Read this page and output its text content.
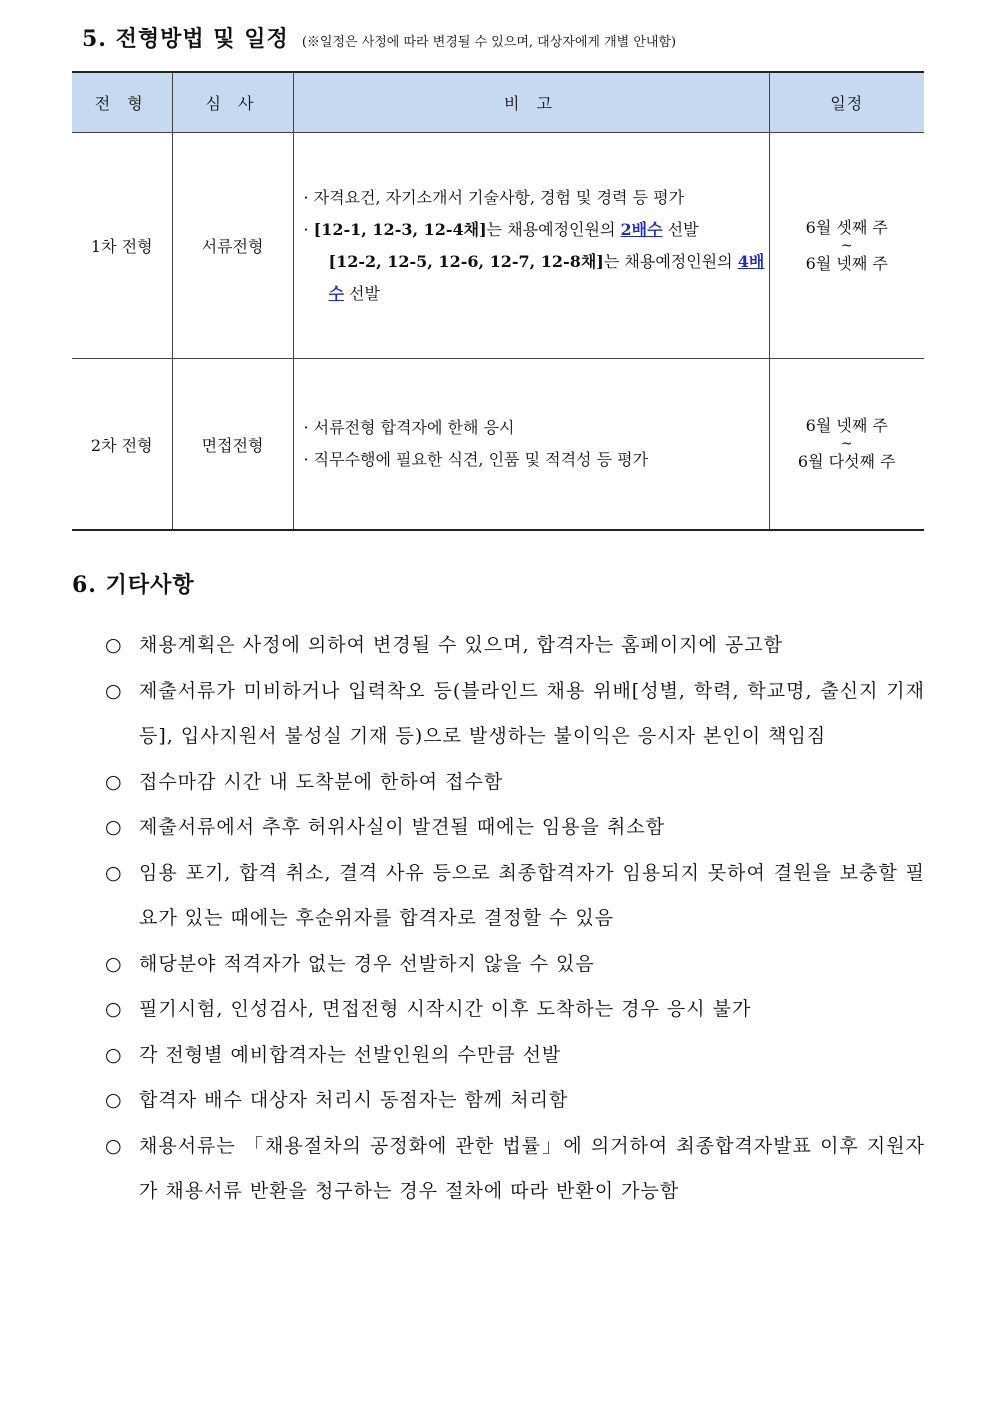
5. 전형방법 및 일정 (※일정은 사정에 따라 변경될 수 있으며, 대상자에게 개별 안내함)
전 형	심 사	비 고	일정
1차 전형	서류전형	· 자격요건, 자기소개서 기술사항, 경험 및 경력 등 평가
· [12-1, 12-3, 12-4채]는 채용예정인원의 2배수 선발
[12-2, 12-5, 12-6, 12-7, 12-8채]는 채용예정인원의 4배수 선발	6월 셋째 주
~
6월 넷째 주

2차 전형	면접전형	· 서류전형 합격자에 한해 응시
· 직무수행에 필요한 식견, 인품 및 적격성 등 평가	6월 넷째 주
~
6월 다섯째 주
6. 기타사항
○ 채용계획은 사정에 의하여 변경될 수 있으며, 합격자는 홈페이지에 공고함
○ 제출서류가 미비하거나 입력착오 등(블라인드 채용 위배[성별, 학력, 학교명, 출신지 기재 등], 입사지원서 불성실 기재 등)으로 발생하는 불이익은 응시자 본인이 책임짐
○ 접수마감 시간 내 도착분에 한하여 접수함
○ 제출서류에서 추후 허위사실이 발견될 때에는 임용을 취소함
○ 임용 포기, 합격 취소, 결격 사유 등으로 최종합격자가 임용되지 못하여 결원을 보충할 필요가 있는 때에는 후순위자를 합격자로 결정할 수 있음
○ 해당분야 적격자가 없는 경우 선발하지 않을 수 있음
○ 필기시험, 인성검사, 면접전형 시작시간 이후 도착하는 경우 응시 불가
○ 각 전형별 예비합격자는 선발인원의 수만큼 선발
○ 합격자 배수 대상자 처리시 동점자는 함께 처리함
○ 채용서류는 「채용절차의 공정화에 관한 법률」에 의거하여 최종합격자발표 이후 지원자가 채용서류 반환을 청구하는 경우 절차에 따라 반환이 가능함
